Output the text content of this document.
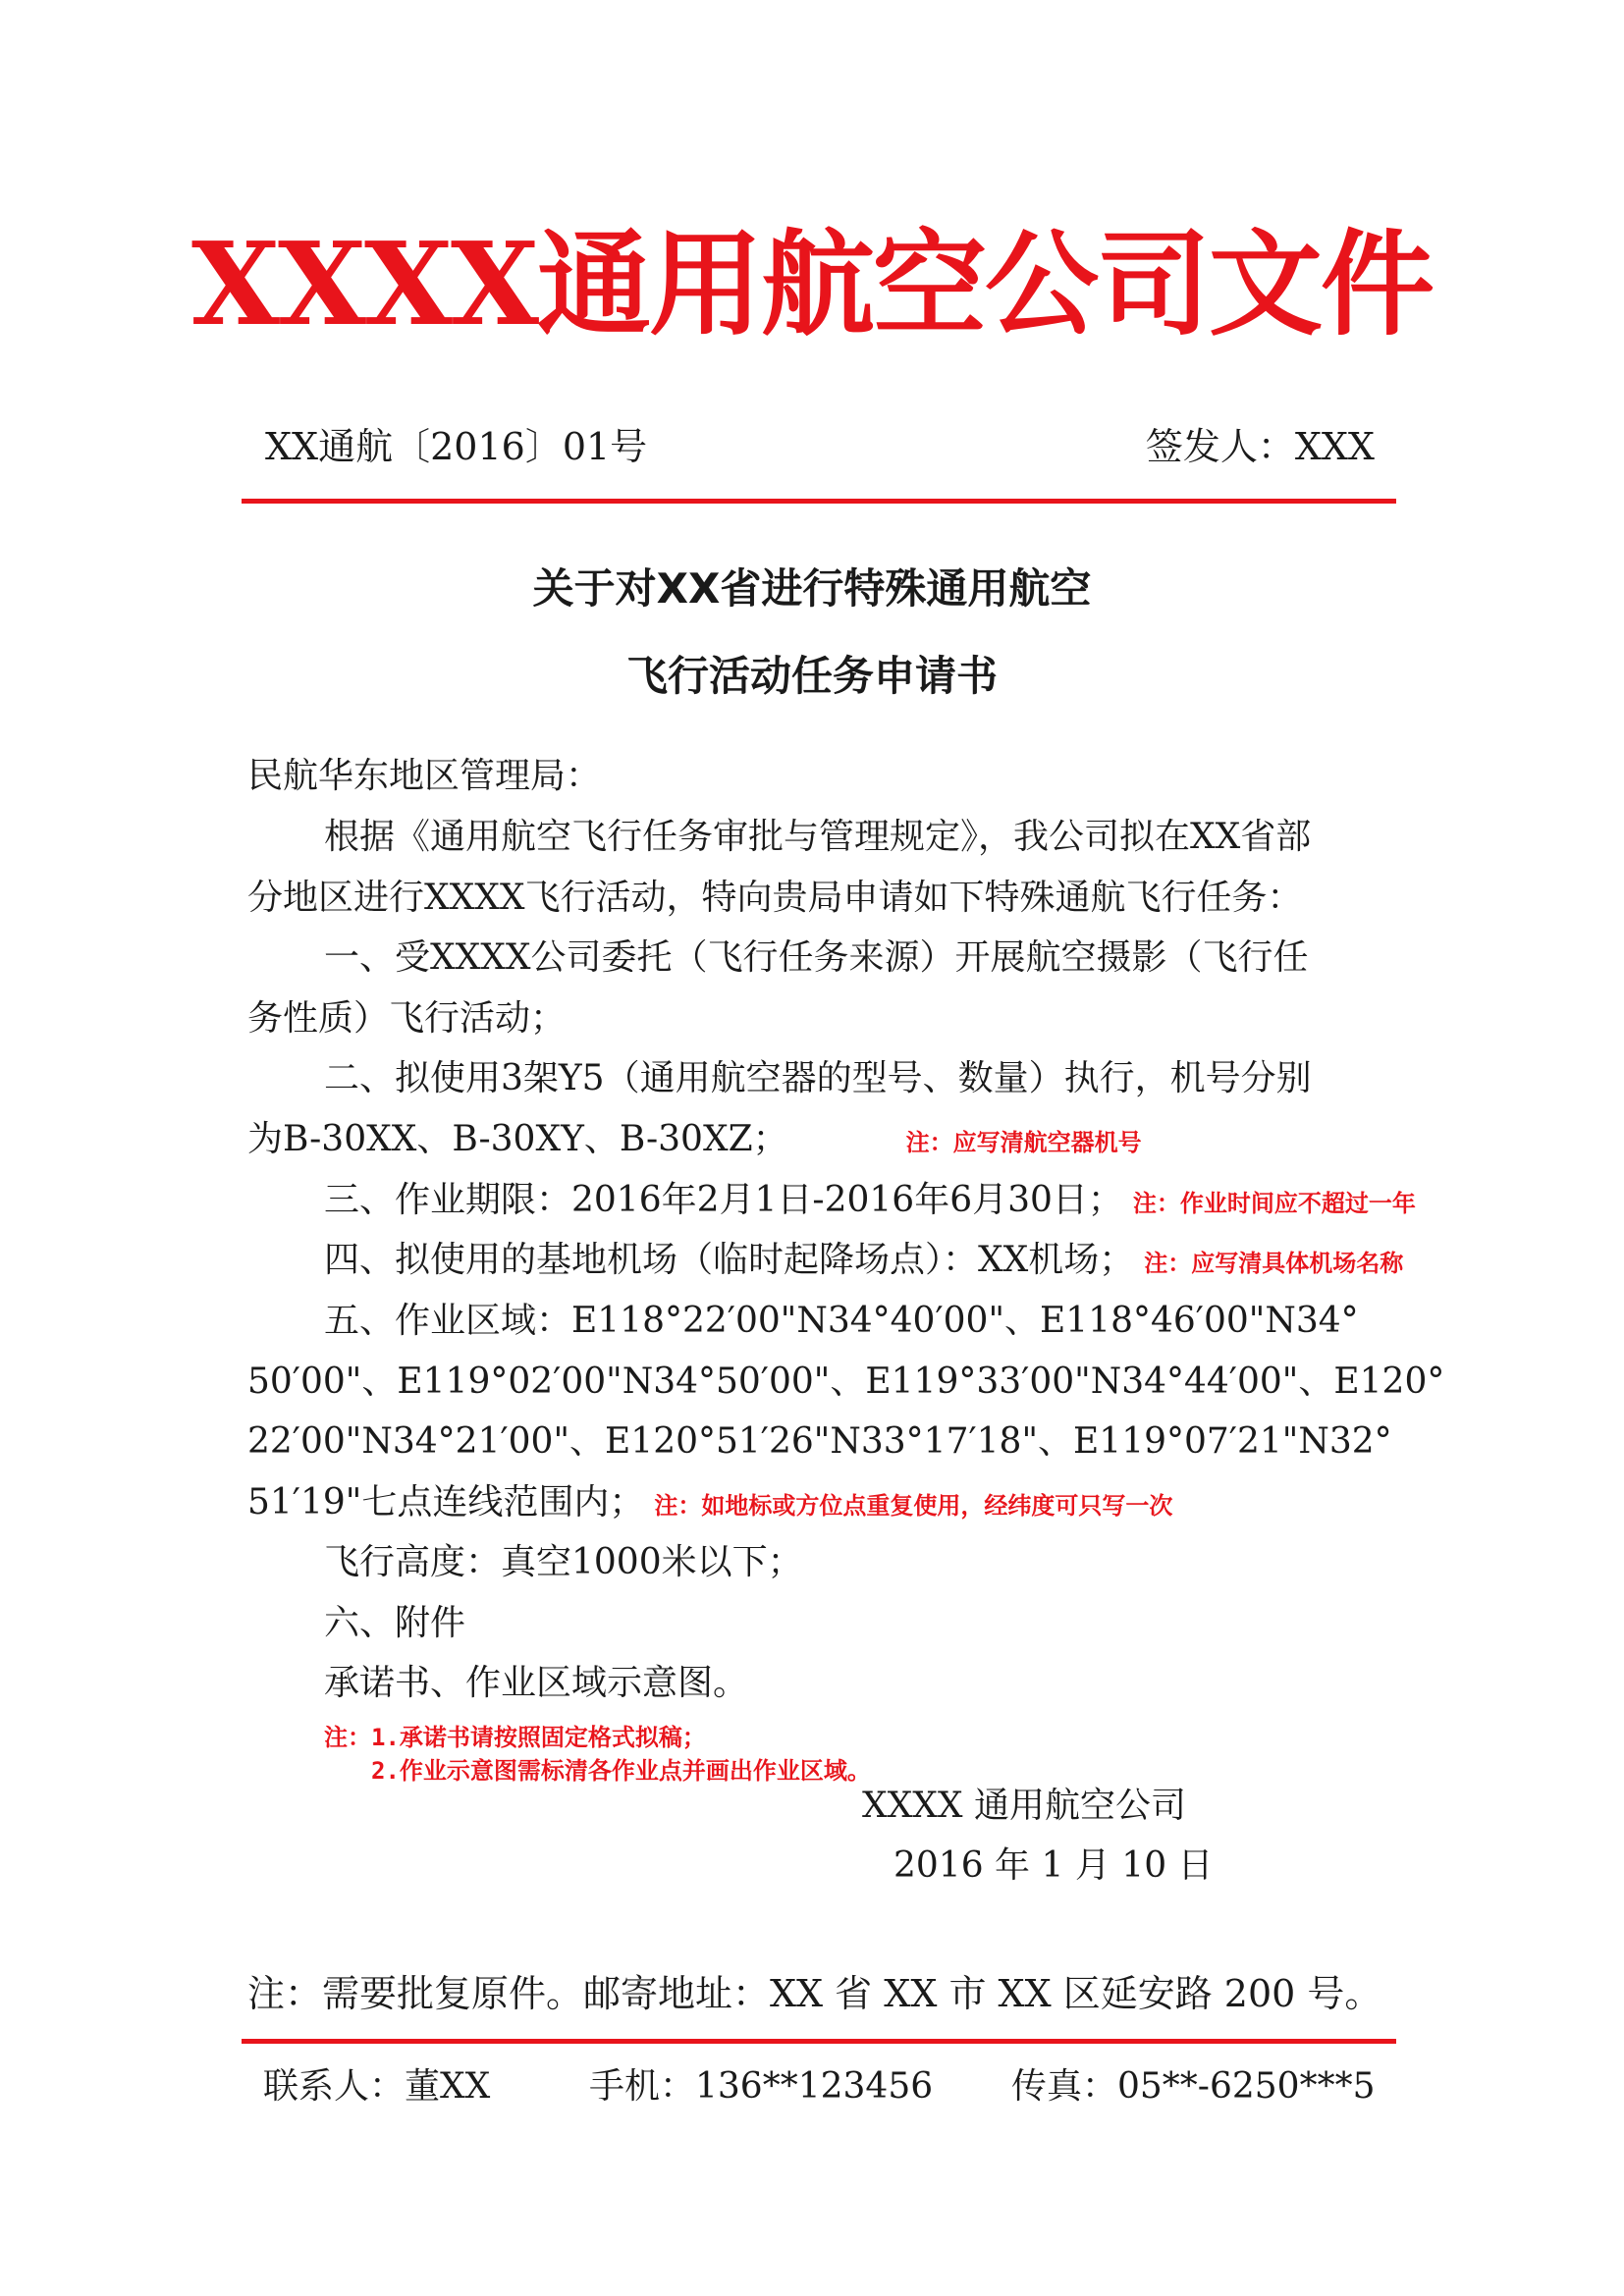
XXXX通用航空公司文件
XX通航〔2016〕01号	签发人：XXX
关于对XX省进行特殊通用航空
飞行活动任务申请书
民航华东地区管理局：
根据《通用航空飞行任务审批与管理规定》，我公司拟在XX省部
分地区进行XXXX飞行活动，特向贵局申请如下特殊通航飞行任务：
一、受XXXX公司委托（飞行任务来源）开展航空摄影（飞行任
务性质）飞行活动；
二、拟使用3架Y5（通用航空器的型号、数量）执行，机号分别
为B-30XX、B-30XY、B-30XZ；	注：应写清航空器机号
三、作业期限：2016年2月1日-2016年6月30日； 注：作业时间应不超过一年
四、拟使用的基地机场（临时起降场点）：XX机场； 注：应写清具体机场名称
五、作业区域：E118°22′00"N34°40′00"、E118°46′00"N34°
50′00"、E119°02′00"N34°50′00"、E119°33′00"N34°44′00"、E120°
22′00"N34°21′00"、E120°51′26"N33°17′18"、E119°07′21"N32°
51′19"七点连线范围内； 注：如地标或方位点重复使用，经纬度可只写一次
飞行高度：真空1000米以下；
六、附件
承诺书、作业区域示意图。
注：1.承诺书请按照固定格式拟稿；
2.作业示意图需标清各作业点并画出作业区域。
XXXX 通用航空公司
2016 年 1 月 10 日
注：需要批复原件。邮寄地址：XX 省 XX 市 XX 区延安路 200 号。
联系人：董XX	手机：136**123456 传真：05**-6250***5
